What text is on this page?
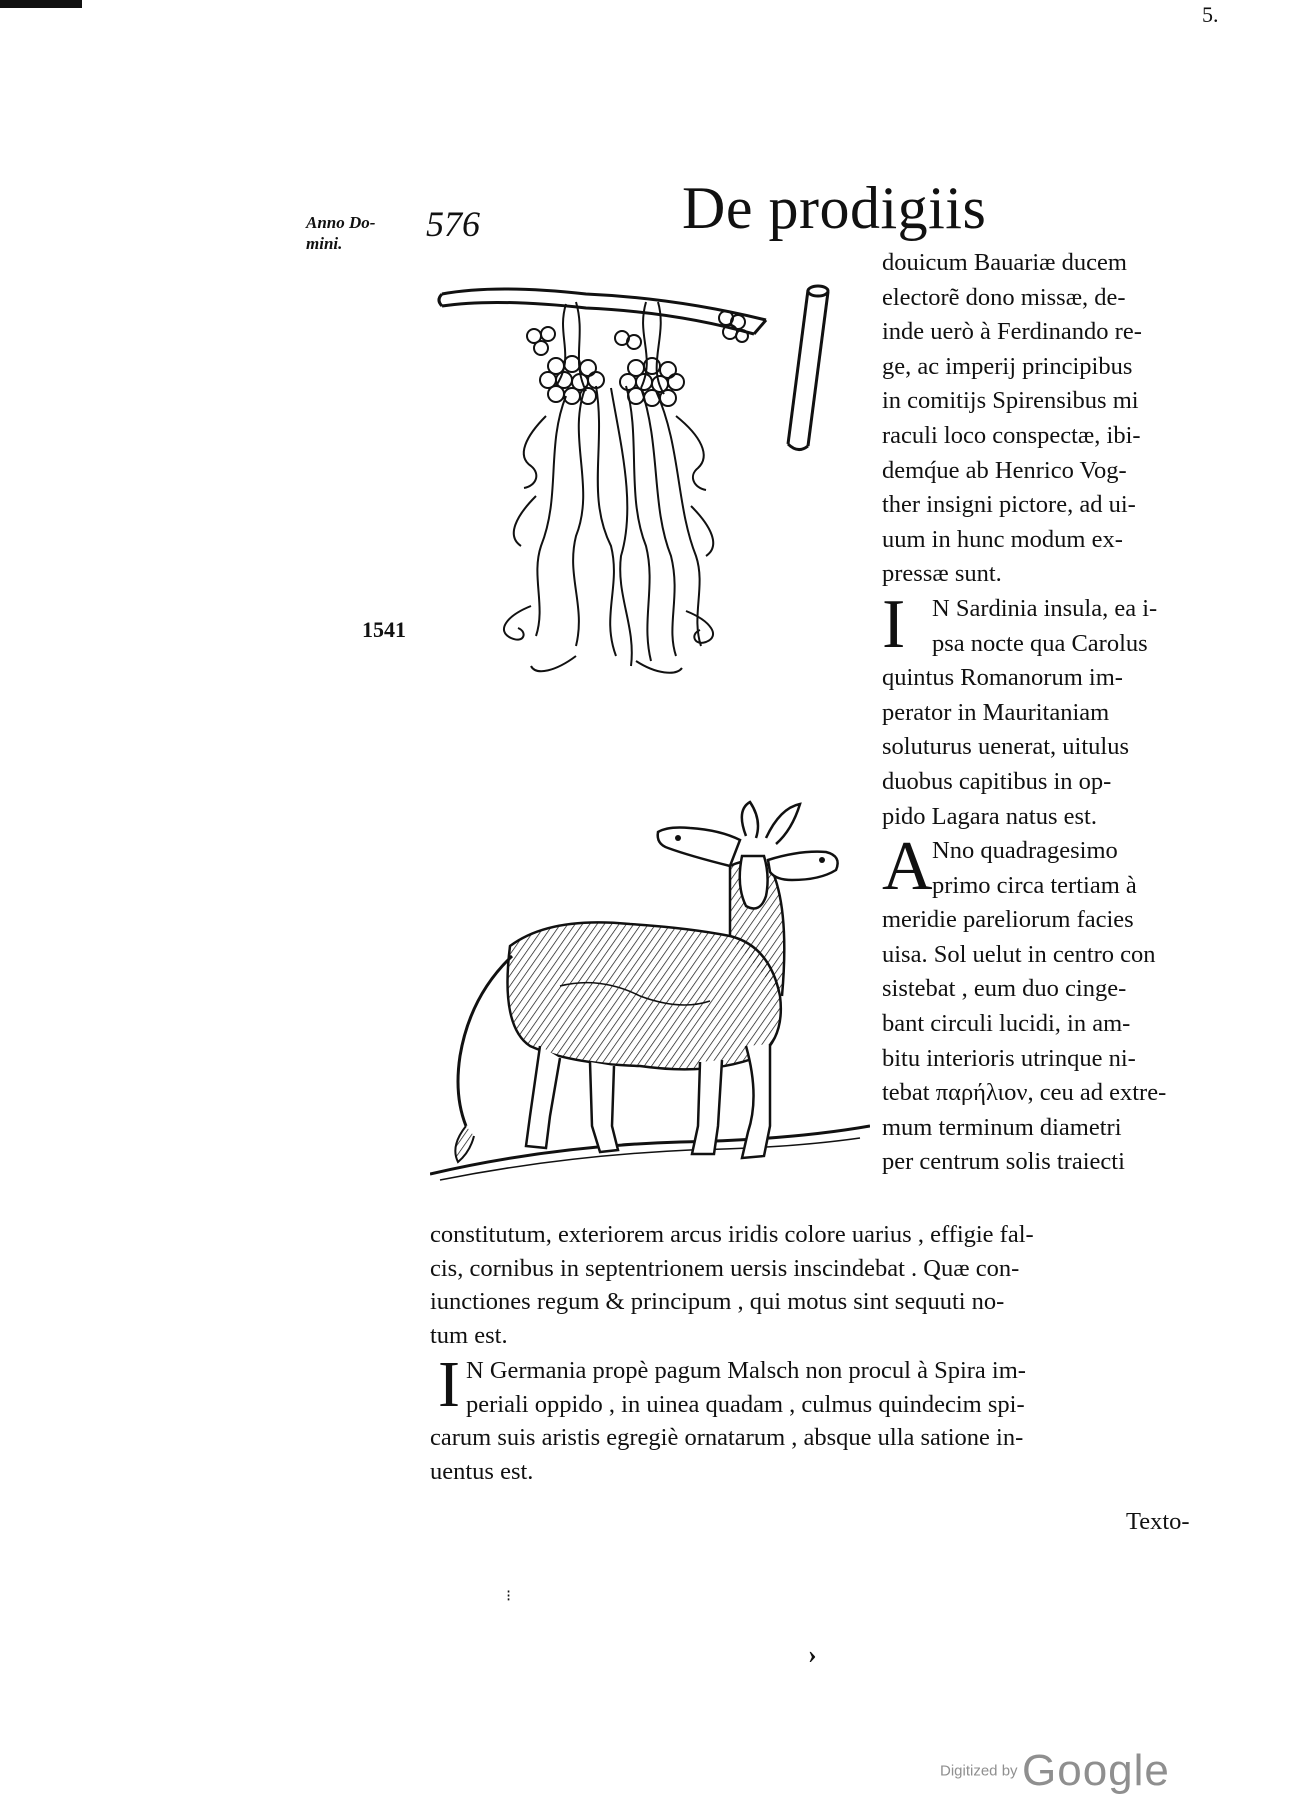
5.
Anno Do-
mini.	576	De prodigiis
1541
douicum Bauariæ ducem
electorẽ dono missæ, de-
inde uerò à Ferdinando re-
ge, ac imperij principibus
in comitijs Spirensibus mi
raculi loco conspectæ, ibi-
demq́ue ab Henrico Vog-
ther insigni pictore, ad ui-
uum in hunc modum ex-
pressæ sunt.
I	N Sardinia insula, ea i-
psa nocte qua Carolus
quintus Romanorum im-
perator in Mauritaniam
soluturus uenerat, uitulus
duobus capitibus in op-
pido Lagara natus est.
A Nno quadragesimo
primo circa tertiam à
meridie pareliorum facies
uisa. Sol uelut in centro con
sistebat , eum duo cinge-
bant circuli lucidi, in am-
bitu interioris utrinque ni-
tebat παρήλιον, ceu ad extre-
mum terminum diametri
per centrum solis traiecti
constitutum, exteriorem arcus iridis colore uarius , effigie fal-
cis, cornibus in septentrionem uersis inscindebat . Quæ con-
iunctiones regum & principum , qui motus sint sequuti no-
tum est.
I N Germania propè pagum Malsch non procul à Spira im-
periali oppido , in uinea quadam , culmus quindecim spi-
carum suis aristis egregiè ornatarum , absque ulla satione in-
uentus est.
Texto-
⁝
›
Digitized by Google
